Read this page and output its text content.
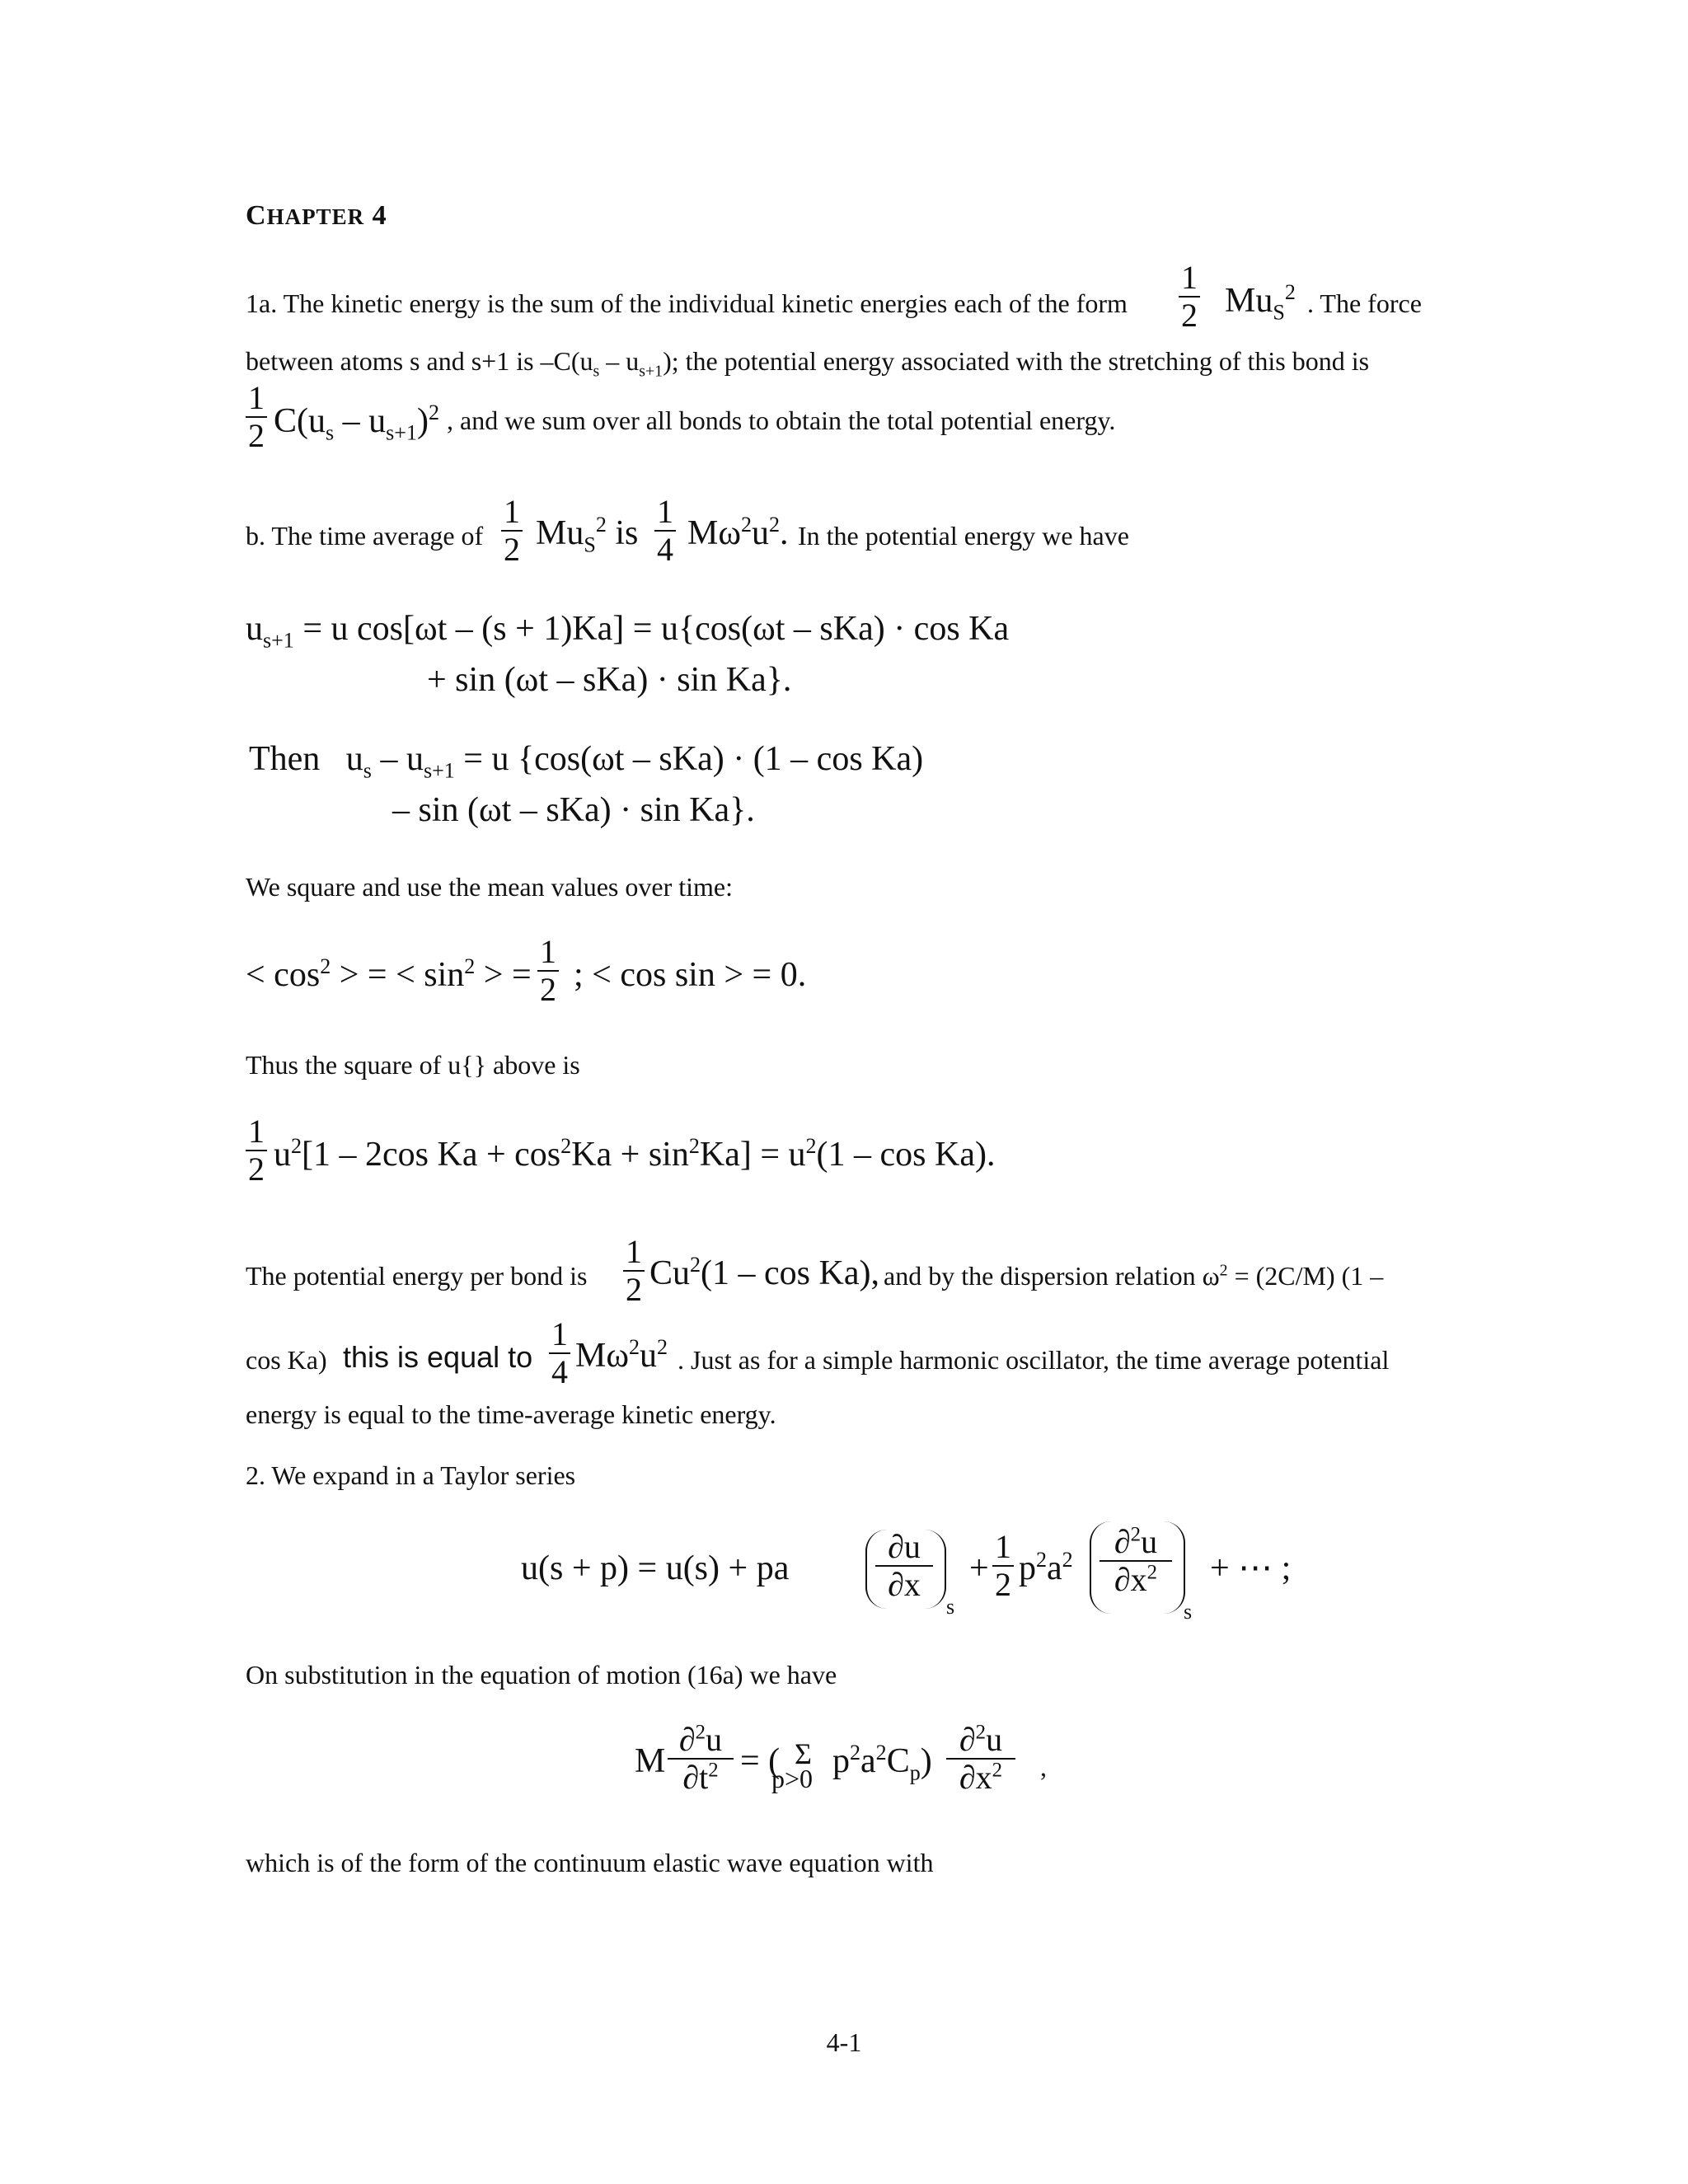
CHAPTER 4
1a. The kinetic energy is the sum of the individual kinetic energies each of the form
1
2 $Mu_S^2$ . The force
between atoms s and s+1 is $-C(u_s - u_{s+1})$; the potential energy associated with the stretching of this bond is
1
2 $C(u_s - u_{s+1})^2$ , and we sum over all bonds to obtain the total potential energy.
b. The time average of
1
2 $Mu_S^2$ is
1
4 $M\omega^2u^2$. In the potential energy we have
$u_{s+1} = u$ cos[ωt – (s + 1)Ka] = u{cos(ωt – sKa) · cos Ka
+ sin (ωt – sKa) · sin Ka}.
Then $u_s - u_{s+1} = u$ {cos(ωt – sKa) · (1 – cos Ka)
– sin (ωt – sKa) · sin Ka}.
We square and use the mean values over time:
< $\cos^2$ > = < $\sin^2$ > =
1
2 ; < cos sin > = 0.
Thus the square of u{} above is
1
2 $u^2[1 - 2\cos$ $Ka + \cos^2Ka + \sin^2Ka] = u^2(1 - \cos Ka)$.
The potential energy per bond is
1
2 Cu$^2$(1 – cos Ka), and by the dispersion relation $\omega^2 = (2C/M)$ (1 –
cos Ka) this is equal to
1
4 $M\omega^2u^2$ . Just as for a simple harmonic oscillator, the time average potential
energy is equal to the time-average kinetic energy.
2. We expand in a Taylor series
u(s + p) = u(s) + pa
∂u
∂x
s
+
1
2 $p^2a^2$	∂$^2$u
$\partial x^2$
s
+ ⋯ ;
On substitution in the equation of motion (16a) we have
M
∂$^2$u
$\partial t^2$ = ( Σ
p>0 $p^2a^2C_p$)
∂$^2$u
$\partial x^2$	,
which is of the form of the continuum elastic wave equation with
4-1
